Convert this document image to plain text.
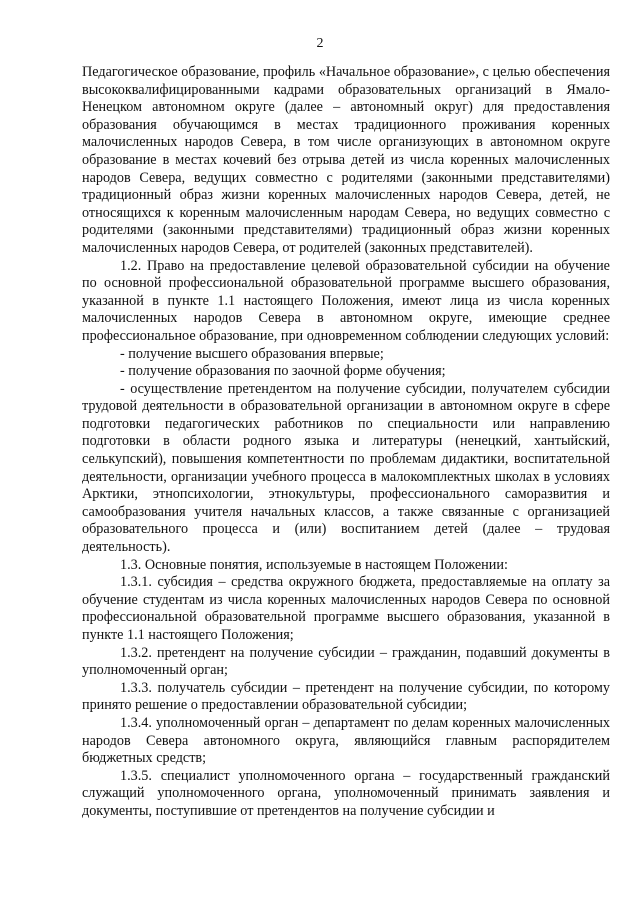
2

Педагогическое образование, профиль «Начальное образование», с целью обеспечения высококвалифицированными кадрами образовательных организаций в Ямало-Ненецком автономном округе (далее – автономный округ) для предоставления образования обучающимся в местах традиционного проживания коренных малочисленных народов Севера, в том числе организующих в автономном округе образование в местах кочевий без отрыва детей из числа коренных малочисленных народов Севера, ведущих совместно с родителями (законными представителями) традиционный образ жизни коренных малочисленных народов Севера, детей, не относящихся к коренным малочисленным народам Севера, но ведущих совместно с родителями (законными представителями) традиционный образ жизни коренных малочисленных народов Севера, от родителей (законных представителей).

1.2. Право на предоставление целевой образовательной субсидии на обучение по основной профессиональной образовательной программе высшего образования, указанной в пункте 1.1 настоящего Положения, имеют лица из числа коренных малочисленных народов Севера в автономном округе, имеющие среднее профессиональное образование, при одновременном соблюдении следующих условий:

- получение высшего образования впервые;

- получение образования по заочной форме обучения;

- осуществление претендентом на получение субсидии, получателем субсидии трудовой деятельности в образовательной организации в автономном округе в сфере подготовки педагогических работников по специальности или направлению подготовки в области родного языка и литературы (ненецкий, хантыйский, селькупский), повышения компетентности по проблемам дидактики, воспитательной деятельности, организации учебного процесса в малокомплектных школах в условиях Арктики, этнопсихологии, этнокультуры, профессионального саморазвития и самообразования учителя начальных классов, а также связанные с организацией образовательного процесса и (или) воспитанием детей (далее – трудовая деятельность).

1.3. Основные понятия, используемые в настоящем Положении:

1.3.1. субсидия – средства окружного бюджета, предоставляемые на оплату за обучение студентам из числа коренных малочисленных народов Севера по основной профессиональной образовательной программе высшего образования, указанной в пункте 1.1 настоящего Положения;

1.3.2. претендент на получение субсидии – гражданин, подавший документы в уполномоченный орган;

1.3.3. получатель субсидии – претендент на получение субсидии, по которому принято решение о предоставлении образовательной субсидии;

1.3.4. уполномоченный орган – департамент по делам коренных малочисленных народов Севера автономного округа, являющийся главным распорядителем бюджетных средств;

1.3.5. специалист уполномоченного органа – государственный гражданский служащий уполномоченного органа, уполномоченный принимать заявления и документы, поступившие от претендентов на получение субсидии и
